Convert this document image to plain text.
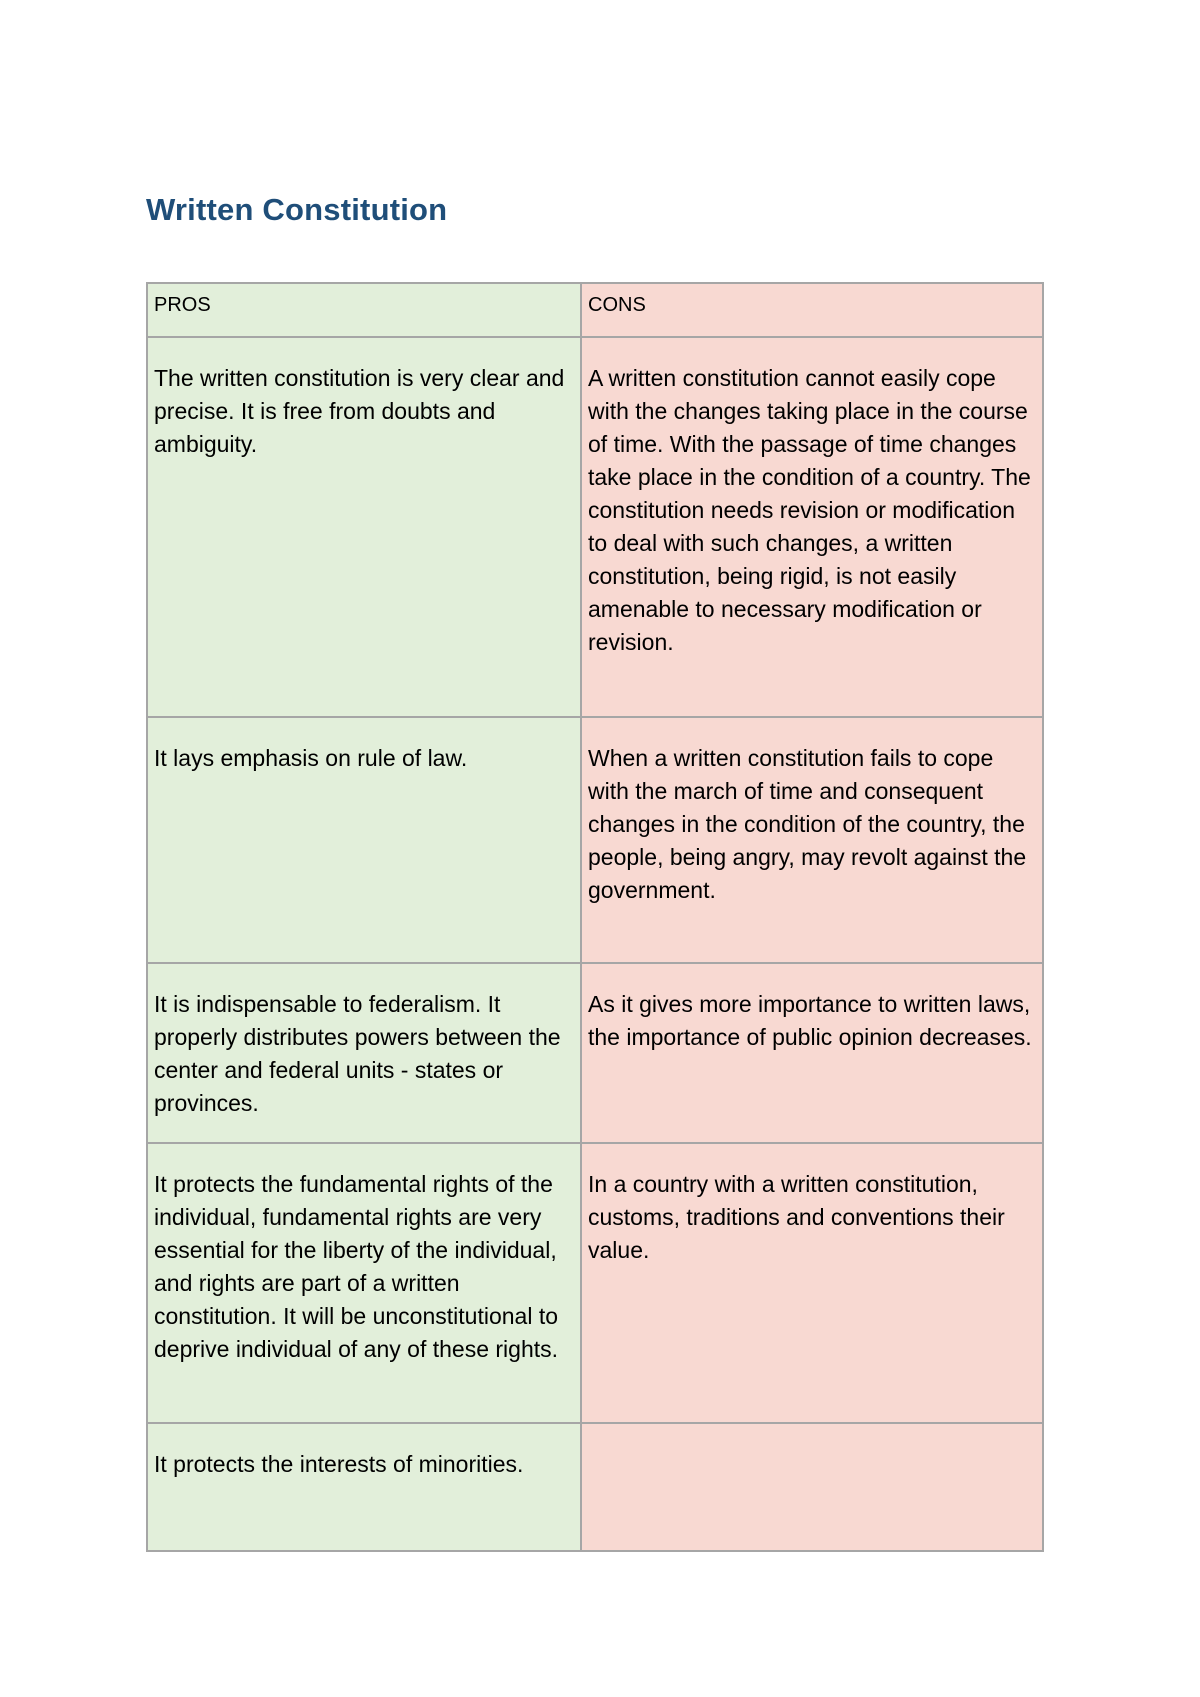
Written Constitution
PROS	CONS
The written constitution is very clear and precise. It is free from doubts and ambiguity.	A written constitution cannot easily cope with the changes taking place in the course of time. With the passage of time changes take place in the condition of a country. The constitution needs revision or modification to deal with such changes, a written constitution, being rigid, is not easily amenable to necessary modification or revision.
It lays emphasis on rule of law.	When a written constitution fails to cope with the march of time and consequent changes in the condition of the country, the people, being angry, may revolt against the government.
It is indispensable to federalism. It properly distributes powers between the center and federal units - states or provinces.	As it gives more importance to written laws, the importance of public opinion decreases.
It protects the fundamental rights of the individual, fundamental rights are very essential for the liberty of the individual, and rights are part of a written constitution. It will be unconstitutional to deprive individual of any of these rights.	In a country with a written constitution, customs, traditions and conventions their value.
It protects the interests of minorities.	
